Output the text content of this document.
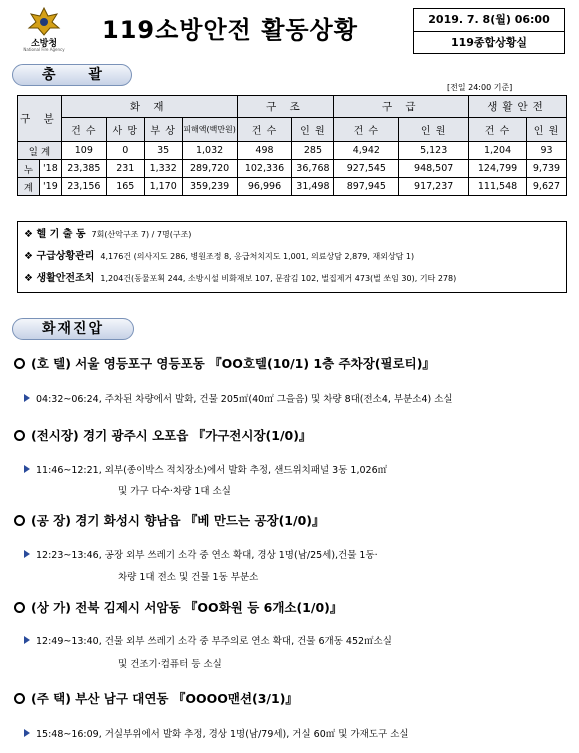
소방청
National Fire Agency
119소방안전 활동상황	2019. 7. 8(월) 06:00
119종합상황실
총 괄
[전일 24:00 기준]
구 분		화 재				구 조		구 급		생활안전	
		건 수	사 망	부 상	피해액(백만원)	건 수	인 원	건 수	인 원	건 수	인 원
일 계		109	0	35	1,032	498	285	4,942	5,123	1,204	93
누	'18	23,385	231	1,332	289,720	102,336	36,768	927,545	948,507	124,799	9,739
계	'19	23,156	165	1,170	359,239	96,996	31,498	897,945	917,237	111,548	9,627
❖ 헬 기 출 동 7회(산악구조 7) / 7명(구조)
❖ 구급상황관리 4,176건 (의사지도 286, 병원조정 8, 응급처치지도 1,001, 의료상담 2,879, 재외상담 1)
❖ 생활안전조치 1,204건(동물포획 244, 소방시설 비화재보 107, 문잠김 102, 벌집제거 473(벌 쏘임 30), 기타 278)
화재진압
(호 텔) 서울 영등포구 영등포동 『OO호텔(10/1) 1층 주차장(필로티)』
04:32~06:24, 주차된 차량에서 발화, 건물 205㎡(40㎡ 그을음) 및 차량 8대(전소4, 부분소4) 소실
(전시장) 경기 광주시 오포읍 『가구전시장(1/0)』
11:46~12:21, 외부(종이박스 적치장소)에서 발화 추정, 샌드위치패널 3동 1,026㎡
및 가구 다수·차량 1대 소실
(공 장) 경기 화성시 향남읍 『베 만드는 공장(1/0)』
12:23~13:46, 공장 외부 쓰레기 소각 중 연소 확대, 경상 1명(남/25세),건물 1동·
차량 1대 전소 및 건물 1동 부분소
(상 가) 전북 김제시 서암동 『OO화원 등 6개소(1/0)』
12:49~13:40, 건물 외부 쓰레기 소각 중 부주의로 연소 확대, 건물 6개동 452㎡소실
및 건조기·컴퓨터 등 소실
(주 택) 부산 남구 대연동 『OOOO맨션(3/1)』
15:48~16:09, 거실부위에서 발화 추정, 경상 1명(남/79세), 거실 60㎡ 및 가재도구 소실
